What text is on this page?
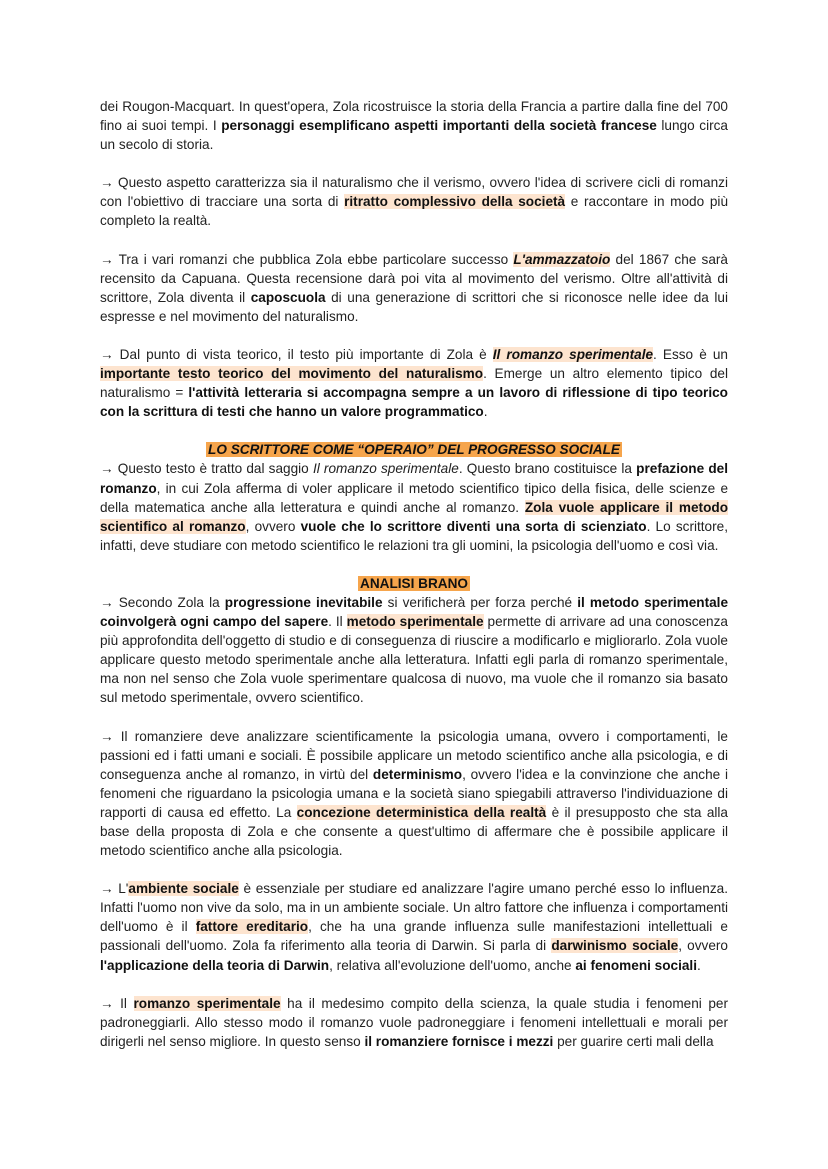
dei Rougon-Macquart. In quest'opera, Zola ricostruisce la storia della Francia a partire dalla fine del 700 fino ai suoi tempi. I personaggi esemplificano aspetti importanti della società francese lungo circa un secolo di storia.

→ Questo aspetto caratterizza sia il naturalismo che il verismo, ovvero l'idea di scrivere cicli di romanzi con l'obiettivo di tracciare una sorta di ritratto complessivo della società e raccontare in modo più completo la realtà.

→ Tra i vari romanzi che pubblica Zola ebbe particolare successo L'ammazzatoio del 1867 che sarà recensito da Capuana. Questa recensione darà poi vita al movimento del verismo. Oltre all'attività di scrittore, Zola diventa il caposcuola di una generazione di scrittori che si riconosce nelle idee da lui espresse e nel movimento del naturalismo.

→ Dal punto di vista teorico, il testo più importante di Zola è Il romanzo sperimentale. Esso è un importante testo teorico del movimento del naturalismo. Emerge un altro elemento tipico del naturalismo = l'attività letteraria si accompagna sempre a un lavoro di riflessione di tipo teorico con la scrittura di testi che hanno un valore programmatico.

LO SCRITTORE COME “OPERAIO” DEL PROGRESSO SOCIALE

→ Questo testo è tratto dal saggio Il romanzo sperimentale. Questo brano costituisce la prefazione del romanzo, in cui Zola afferma di voler applicare il metodo scientifico tipico della fisica, delle scienze e della matematica anche alla letteratura e quindi anche al romanzo. Zola vuole applicare il metodo scientifico al romanzo, ovvero vuole che lo scrittore diventi una sorta di scienziato. Lo scrittore, infatti, deve studiare con metodo scientifico le relazioni tra gli uomini, la psicologia dell'uomo e così via.

ANALISI BRANO

→ Secondo Zola la progressione inevitabile si verificherà per forza perché il metodo sperimentale coinvolgerà ogni campo del sapere. Il metodo sperimentale permette di arrivare ad una conoscenza più approfondita dell'oggetto di studio e di conseguenza di riuscire a modificarlo e migliorarlo. Zola vuole applicare questo metodo sperimentale anche alla letteratura. Infatti egli parla di romanzo sperimentale, ma non nel senso che Zola vuole sperimentare qualcosa di nuovo, ma vuole che il romanzo sia basato sul metodo sperimentale, ovvero scientifico.

→ Il romanziere deve analizzare scientificamente la psicologia umana, ovvero i comportamenti, le passioni ed i fatti umani e sociali. È possibile applicare un metodo scientifico anche alla psicologia, e di conseguenza anche al romanzo, in virtù del determinismo, ovvero l'idea e la convinzione che anche i fenomeni che riguardano la psicologia umana e la società siano spiegabili attraverso l'individuazione di rapporti di causa ed effetto. La concezione deterministica della realtà è il presupposto che sta alla base della proposta di Zola e che consente a quest'ultimo di affermare che è possibile applicare il metodo scientifico anche alla psicologia.

→ L'ambiente sociale è essenziale per studiare ed analizzare l'agire umano perché esso lo influenza. Infatti l'uomo non vive da solo, ma in un ambiente sociale. Un altro fattore che influenza i comportamenti dell'uomo è il fattore ereditario, che ha una grande influenza sulle manifestazioni intellettuali e passionali dell'uomo. Zola fa riferimento alla teoria di Darwin. Si parla di darwinismo sociale, ovvero l'applicazione della teoria di Darwin, relativa all'evoluzione dell'uomo, anche ai fenomeni sociali.

→ Il romanzo sperimentale ha il medesimo compito della scienza, la quale studia i fenomeni per padroneggiarli. Allo stesso modo il romanzo vuole padroneggiare i fenomeni intellettuali e morali per dirigerli nel senso migliore. In questo senso il romanziere fornisce i mezzi per guarire certi mali della
